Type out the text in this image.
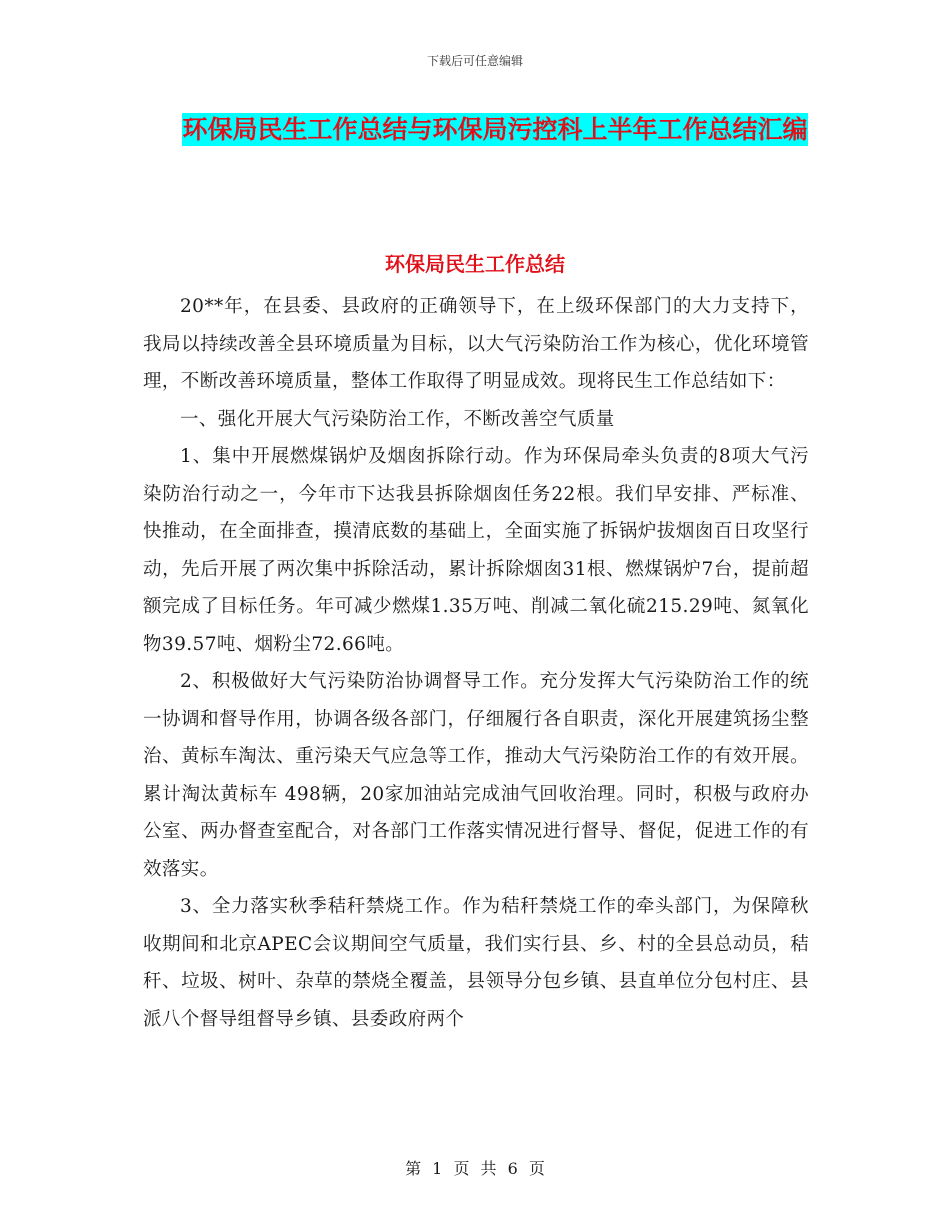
下载后可任意编辑
环保局民生工作总结与环保局污控科上半年工作总结汇编
环保局民生工作总结

20**年，在县委、县政府的正确领导下，在上级环保部门的大力支持下，我局以持续改善全县环境质量为目标，以大气污染防治工作为核心，优化环境管理，不断改善环境质量，整体工作取得了明显成效。现将民生工作总结如下：

一、强化开展大气污染防治工作，不断改善空气质量

1、集中开展燃煤锅炉及烟囱拆除行动。作为环保局牵头负责的8项大气污染防治行动之一，今年市下达我县拆除烟囱任务22根。我们早安排、严标准、快推动，在全面排查，摸清底数的基础上，全面实施了拆锅炉拔烟囱百日攻坚行动，先后开展了两次集中拆除活动，累计拆除烟囱31根、燃煤锅炉7台，提前超额完成了目标任务。年可减少燃煤1.35万吨、削减二氧化硫215.29吨、氮氧化物39.57吨、烟粉尘72.66吨。

2、积极做好大气污染防治协调督导工作。充分发挥大气污染防治工作的统一协调和督导作用，协调各级各部门，仔细履行各自职责，深化开展建筑扬尘整治、黄标车淘汰、重污染天气应急等工作，推动大气污染防治工作的有效开展。累计淘汰黄标车 498辆，20家加油站完成油气回收治理。同时，积极与政府办公室、两办督查室配合，对各部门工作落实情况进行督导、督促，促进工作的有效落实。

3、全力落实秋季秸秆禁烧工作。作为秸秆禁烧工作的牵头部门，为保障秋收期间和北京APEC会议期间空气质量，我们实行县、乡、村的全县总动员，秸秆、垃圾、树叶、杂草的禁烧全覆盖，县领导分包乡镇、县直单位分包村庄、县派八个督导组督导乡镇、县委政府两个

第 1 页 共 6 页
